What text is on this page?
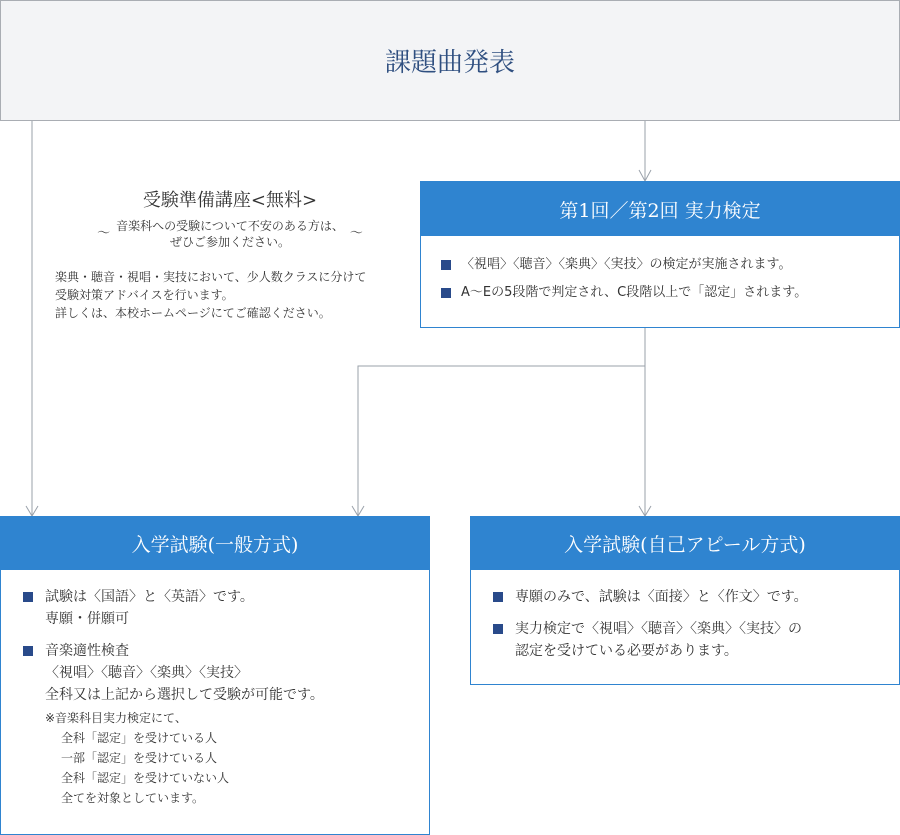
課題曲発表
受験準備講座<無料>
～ 音楽科への受験について不安のある方は、
ぜひご参加ください。
～
楽典・聴音・視唱・実技において、少人数クラスに分けて
受験対策アドバイスを行います。
詳しくは、本校ホームページにてご確認ください。
第1回／第2回 実力検定

〈視唱〉〈聴音〉〈楽典〉〈実技〉の検定が実施されます。

A～Eの5段階で判定され、C段階以上で「認定」されます。

入学試験(一般方式)

試験は〈国語〉と〈英語〉です。

専願・併願可

音楽適性検査

〈視唱〉〈聴音〉〈楽典〉〈実技〉

全科又は上記から選択して受験が可能です。

※音楽科目実力検定にて、

全科「認定」を受けている人

一部「認定」を受けている人

全科「認定」を受けていない人

全てを対象としています。

入学試験(自己アピール方式)

専願のみで、試験は〈面接〉と〈作文〉です。

実力検定で〈視唱〉〈聴音〉〈楽典〉〈実技〉の

認定を受けている必要があります。
